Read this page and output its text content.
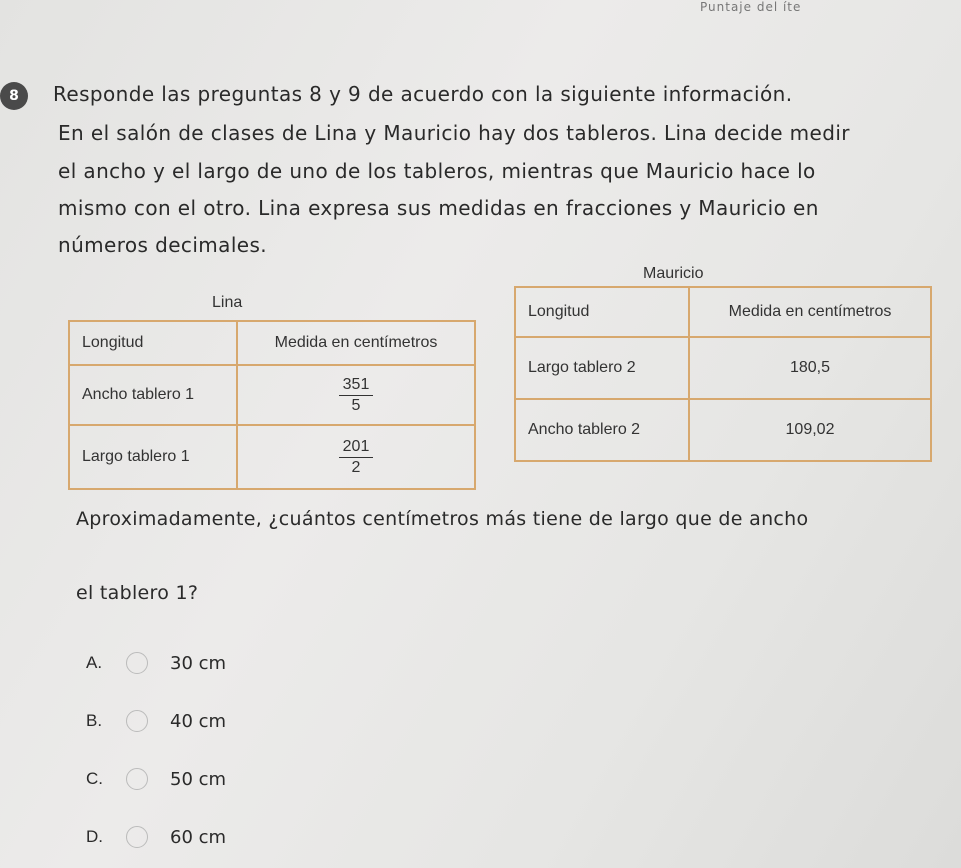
Puntaje del íte
8	Responde las preguntas 8 y 9 de acuerdo con la siguiente información.
En el salón de clases de Lina y Mauricio hay dos tableros. Lina decide medir
el ancho y el largo de uno de los tableros, mientras que Mauricio hace lo
mismo con el otro. Lina expresa sus medidas en fracciones y Mauricio en
números decimales.
Lina
Longitud	Medida en centímetros
Ancho tablero 1	$\frac{351}{5}$

Largo tablero 1	$\frac{201}{2}$
Mauricio
Longitud	Medida en centímetros
Largo tablero 2	180,5
Ancho tablero 2	109,02
Aproximadamente, ¿cuántos centímetros más tiene de largo que de ancho
el tablero 1?
A.	30 cm
B.	40 cm
C.	50 cm
D.	60 cm
